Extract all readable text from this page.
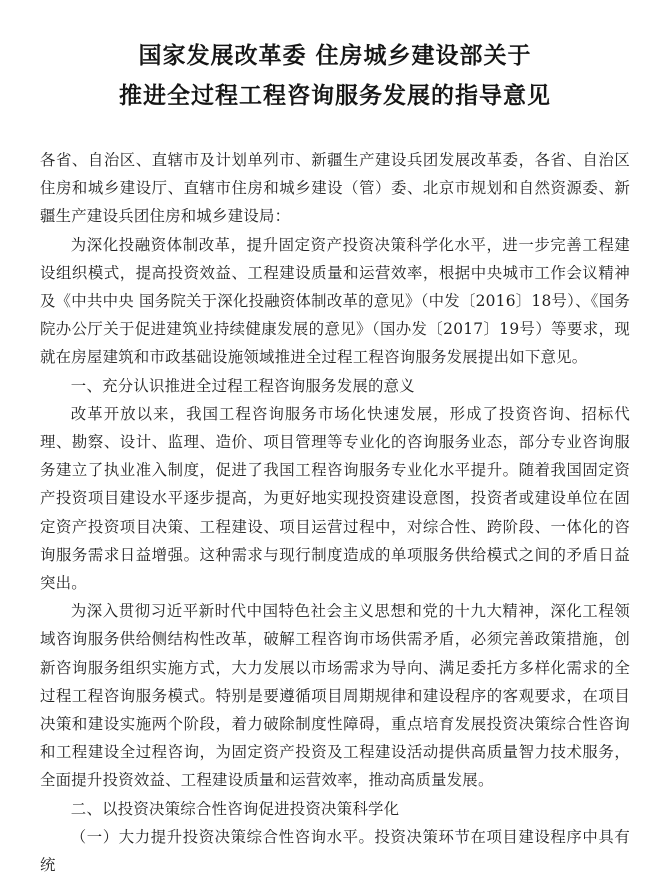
国家发展改革委 住房城乡建设部关于

推进全过程工程咨询服务发展的指导意见

各省、自治区、直辖市及计划单列市、新疆生产建设兵团发展改革委，各省、自治区住房和城乡建设厅、直辖市住房和城乡建设（管）委、北京市规划和自然资源委、新疆生产建设兵团住房和城乡建设局：

为深化投融资体制改革，提升固定资产投资决策科学化水平，进一步完善工程建设组织模式，提高投资效益、工程建设质量和运营效率，根据中央城市工作会议精神及《中共中央 国务院关于深化投融资体制改革的意见》（中发〔2016〕18号）、《国务院办公厅关于促进建筑业持续健康发展的意见》（国办发〔2017〕19号）等要求，现就在房屋建筑和市政基础设施领域推进全过程工程咨询服务发展提出如下意见。

一、充分认识推进全过程工程咨询服务发展的意义

改革开放以来，我国工程咨询服务市场化快速发展，形成了投资咨询、招标代理、勘察、设计、监理、造价、项目管理等专业化的咨询服务业态，部分专业咨询服务建立了执业准入制度，促进了我国工程咨询服务专业化水平提升。随着我国固定资产投资项目建设水平逐步提高，为更好地实现投资建设意图，投资者或建设单位在固定资产投资项目决策、工程建设、项目运营过程中，对综合性、跨阶段、一体化的咨询服务需求日益增强。这种需求与现行制度造成的单项服务供给模式之间的矛盾日益突出。

为深入贯彻习近平新时代中国特色社会主义思想和党的十九大精神，深化工程领域咨询服务供给侧结构性改革，破解工程咨询市场供需矛盾，必须完善政策措施，创新咨询服务组织实施方式，大力发展以市场需求为导向、满足委托方多样化需求的全过程工程咨询服务模式。特别是要遵循项目周期规律和建设程序的客观要求，在项目决策和建设实施两个阶段，着力破除制度性障碍，重点培育发展投资决策综合性咨询和工程建设全过程咨询，为固定资产投资及工程建设活动提供高质量智力技术服务，全面提升投资效益、工程建设质量和运营效率，推动高质量发展。

二、以投资决策综合性咨询促进投资决策科学化

（一）大力提升投资决策综合性咨询水平。投资决策环节在项目建设程序中具有统
